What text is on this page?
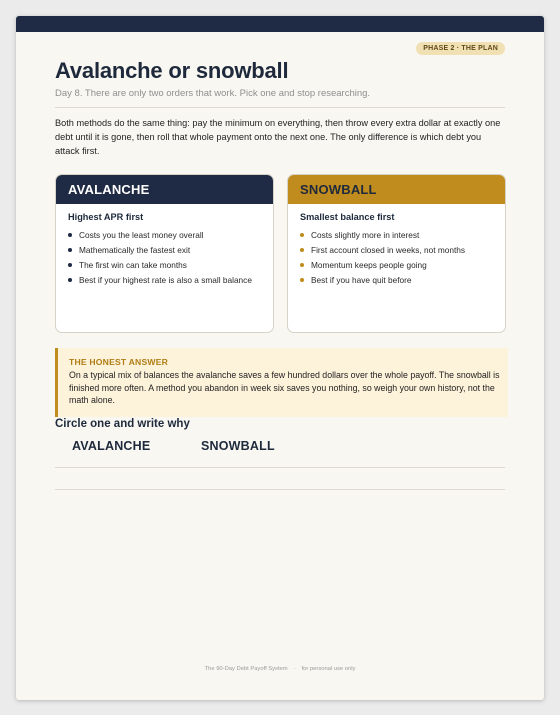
PHASE 2 · THE PLAN
Avalanche or snowball
Day 8. There are only two orders that work. Pick one and stop researching.
Both methods do the same thing: pay the minimum on everything, then throw every extra dollar at exactly one debt until it is gone, then roll that whole payment onto the next one. The only difference is which debt you attack first.
AVALANCHE
Highest APR first
Costs you the least money overall
Mathematically the fastest exit
The first win can take months
Best if your highest rate is also a small balance
SNOWBALL
Smallest balance first
Costs slightly more in interest
First account closed in weeks, not months
Momentum keeps people going
Best if you have quit before
THE HONEST ANSWER
On a typical mix of balances the avalanche saves a few hundred dollars over the whole payoff. The snowball is finished more often. A method you abandon in week six saves you nothing, so weigh your own history, not the math alone.
Circle one and write why
AVALANCHE	SNOWBALL
The 90-Day Debt Payoff System · for personal use only
